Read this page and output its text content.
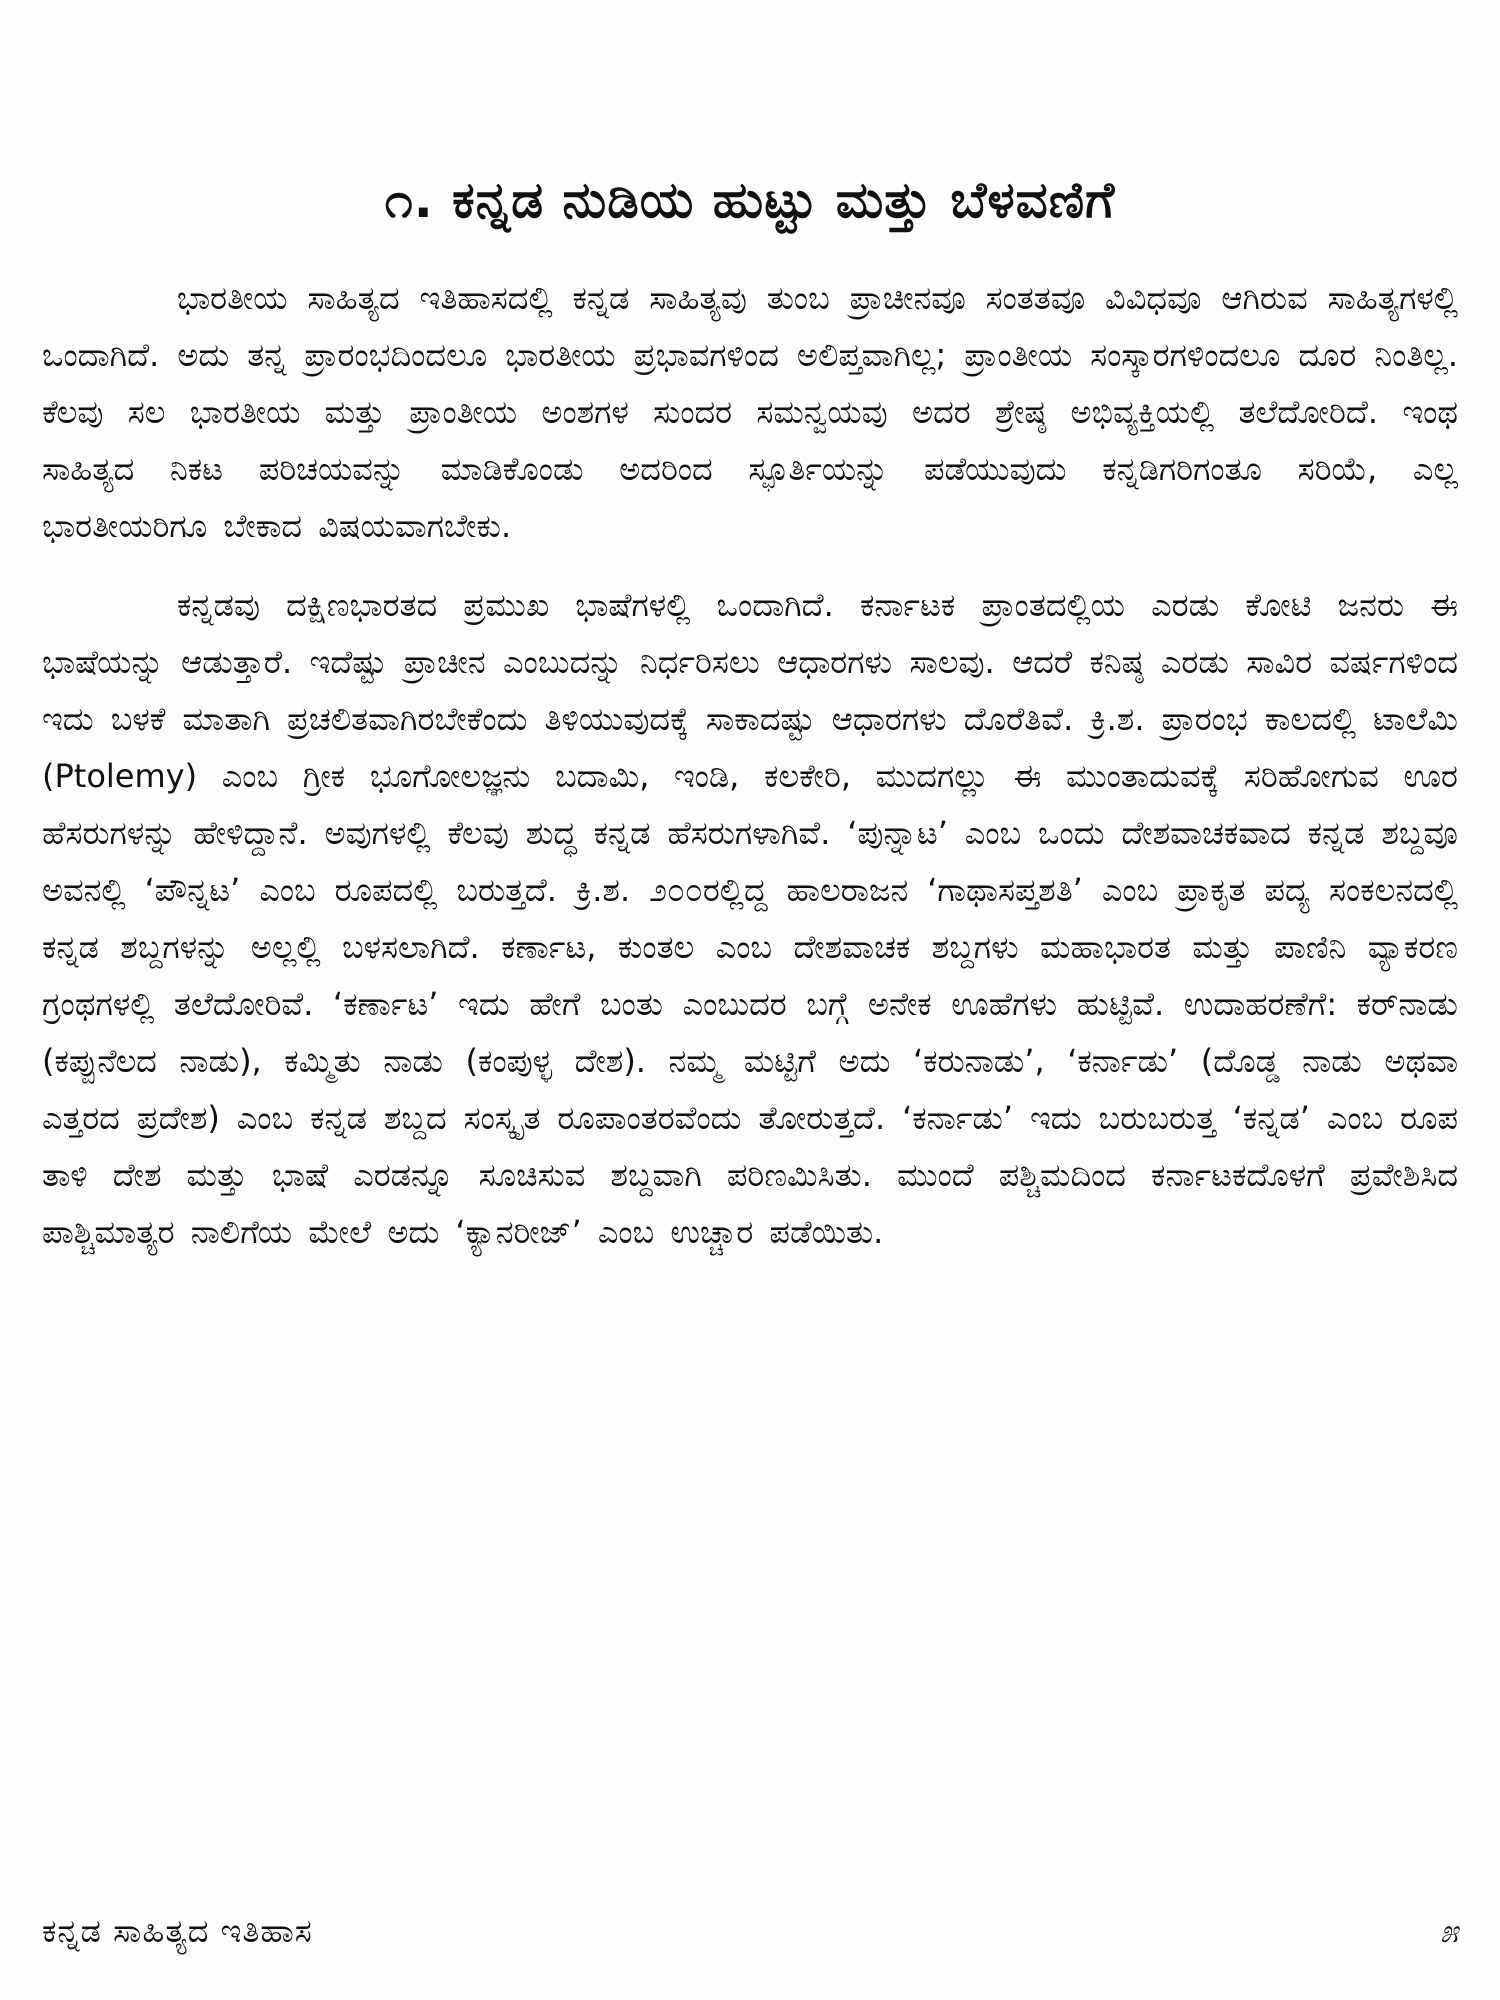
೧. ಕನ್ನಡ ನುಡಿಯ ಹುಟ್ಟು ಮತ್ತು ಬೆಳವಣಿಗೆ

ಭಾರತೀಯ ಸಾಹಿತ್ಯದ ಇತಿಹಾಸದಲ್ಲಿ ಕನ್ನಡ ಸಾಹಿತ್ಯವು ತುಂಬ ಪ್ರಾಚೀನವೂ ಸಂತತವೂ ವಿವಿಧವೂ ಆಗಿರುವ ಸಾಹಿತ್ಯಗಳಲ್ಲಿ ಒಂದಾಗಿದೆ. ಅದು ತನ್ನ ಪ್ರಾರಂಭದಿಂದಲೂ ಭಾರತೀಯ ಪ್ರಭಾವಗಳಿಂದ ಅಲಿಪ್ತವಾಗಿಲ್ಲ; ಪ್ರಾಂತೀಯ ಸಂಸ್ಕಾರಗಳಿಂದಲೂ ದೂರ ನಿಂತಿಲ್ಲ. ಕೆಲವು ಸಲ ಭಾರತೀಯ ಮತ್ತು ಪ್ರಾಂತೀಯ ಅಂಶಗಳ ಸುಂದರ ಸಮನ್ವಯವು ಅದರ ಶ್ರೇಷ್ಠ ಅಭಿವ್ಯಕ್ತಿಯಲ್ಲಿ ತಲೆದೋರಿದೆ. ಇಂಥ ಸಾಹಿತ್ಯದ ನಿಕಟ ಪರಿಚಯವನ್ನು ಮಾಡಿಕೊಂಡು ಅದರಿಂದ ಸ್ಫೂರ್ತಿಯನ್ನು ಪಡೆಯುವುದು ಕನ್ನಡಿಗರಿಗಂತೂ ಸರಿಯೆ, ಎಲ್ಲ ಭಾರತೀಯರಿಗೂ ಬೇಕಾದ ವಿಷಯವಾಗಬೇಕು.

ಕನ್ನಡವು ದಕ್ಷಿಣಭಾರತದ ಪ್ರಮುಖ ಭಾಷೆಗಳಲ್ಲಿ ಒಂದಾಗಿದೆ. ಕರ್ನಾಟಕ ಪ್ರಾಂತದಲ್ಲಿಯ ಎರಡು ಕೋಟಿ ಜನರು ಈ ಭಾಷೆಯನ್ನು ಆಡುತ್ತಾರೆ. ಇದೆಷ್ಟು ಪ್ರಾಚೀನ ಎಂಬುದನ್ನು ನಿರ್ಧರಿಸಲು ಆಧಾರಗಳು ಸಾಲವು. ಆದರೆ ಕನಿಷ್ಠ ಎರಡು ಸಾವಿರ ವರ್ಷಗಳಿಂದ ಇದು ಬಳಕೆ ಮಾತಾಗಿ ಪ್ರಚಲಿತವಾಗಿರಬೇಕೆಂದು ತಿಳಿಯುವುದಕ್ಕೆ ಸಾಕಾದಷ್ಟು ಆಧಾರಗಳು ದೊರೆತಿವೆ. ಕ್ರಿ.ಶ. ಪ್ರಾರಂಭ ಕಾಲದಲ್ಲಿ ಟಾಲೆಮಿ (Ptolemy) ಎಂಬ ಗ್ರೀಕ ಭೂಗೋಲಜ್ಞನು ಬದಾಮಿ, ಇಂಡಿ, ಕಲಕೇರಿ, ಮುದಗಲ್ಲು ಈ ಮುಂತಾದುವಕ್ಕೆ ಸರಿಹೋಗುವ ಊರ ಹೆಸರುಗಳನ್ನು ಹೇಳಿದ್ದಾನೆ. ಅವುಗಳಲ್ಲಿ ಕೆಲವು ಶುದ್ಧ ಕನ್ನಡ ಹೆಸರುಗಳಾಗಿವೆ. ‘ಪುನ್ನಾಟ’ ಎಂಬ ಒಂದು ದೇಶವಾಚಕವಾದ ಕನ್ನಡ ಶಬ್ದವೂ ಅವನಲ್ಲಿ ‘ಪೌನ್ನಟ’ ಎಂಬ ರೂಪದಲ್ಲಿ ಬರುತ್ತದೆ. ಕ್ರಿ.ಶ. ೨೦೦ರಲ್ಲಿದ್ದ ಹಾಲರಾಜನ ‘ಗಾಥಾಸಪ್ತಶತಿ’ ಎಂಬ ಪ್ರಾಕೃತ ಪದ್ಯ ಸಂಕಲನದಲ್ಲಿ ಕನ್ನಡ ಶಬ್ದಗಳನ್ನು ಅಲ್ಲಲ್ಲಿ ಬಳಸಲಾಗಿದೆ. ಕರ್ಣಾಟ, ಕುಂತಲ ಎಂಬ ದೇಶವಾಚಕ ಶಬ್ದಗಳು ಮಹಾಭಾರತ ಮತ್ತು ಪಾಣಿನಿ ವ್ಯಾಕರಣ ಗ್ರಂಥಗಳಲ್ಲಿ ತಲೆದೋರಿವೆ. ‘ಕರ್ಣಾಟ’ ಇದು ಹೇಗೆ ಬಂತು ಎಂಬುದರ ಬಗ್ಗೆ ಅನೇಕ ಊಹೆಗಳು ಹುಟ್ಟಿವೆ. ಉದಾಹರಣೆಗೆ: ಕರ್‌ನಾಡು (ಕಪ್ಪುನೆಲದ ನಾಡು), ಕಮ್ಮಿತು ನಾಡು (ಕಂಪುಳ್ಳ ದೇಶ). ನಮ್ಮ ಮಟ್ಟಿಗೆ ಅದು ‘ಕರುನಾಡು’, ‘ಕರ್ನಾಡು’ (ದೊಡ್ಡ ನಾಡು ಅಥವಾ ಎತ್ತರದ ಪ್ರದೇಶ) ಎಂಬ ಕನ್ನಡ ಶಬ್ದದ ಸಂಸ್ಕೃತ ರೂಪಾಂತರವೆಂದು ತೋರುತ್ತದೆ. ‘ಕರ್ನಾಡು’ ಇದು ಬರುಬರುತ್ತ ‘ಕನ್ನಡ’ ಎಂಬ ರೂಪ ತಾಳಿ ದೇಶ ಮತ್ತು ಭಾಷೆ ಎರಡನ್ನೂ ಸೂಚಿಸುವ ಶಬ್ದವಾಗಿ ಪರಿಣಮಿಸಿತು. ಮುಂದೆ ಪಶ್ಚಿಮದಿಂದ ಕರ್ನಾಟಕದೊಳಗೆ ಪ್ರವೇಶಿಸಿದ ಪಾಶ್ಚಿಮಾತ್ಯರ ನಾಲಿಗೆಯ ಮೇಲೆ ಅದು ‘ಕ್ಯಾನರೀಜ್’ ಎಂಬ ಉಚ್ಚಾರ ಪಡೆಯಿತು.

ಕನ್ನಡ ಸಾಹಿತ್ಯದ ಇತಿಹಾಸ	೫
